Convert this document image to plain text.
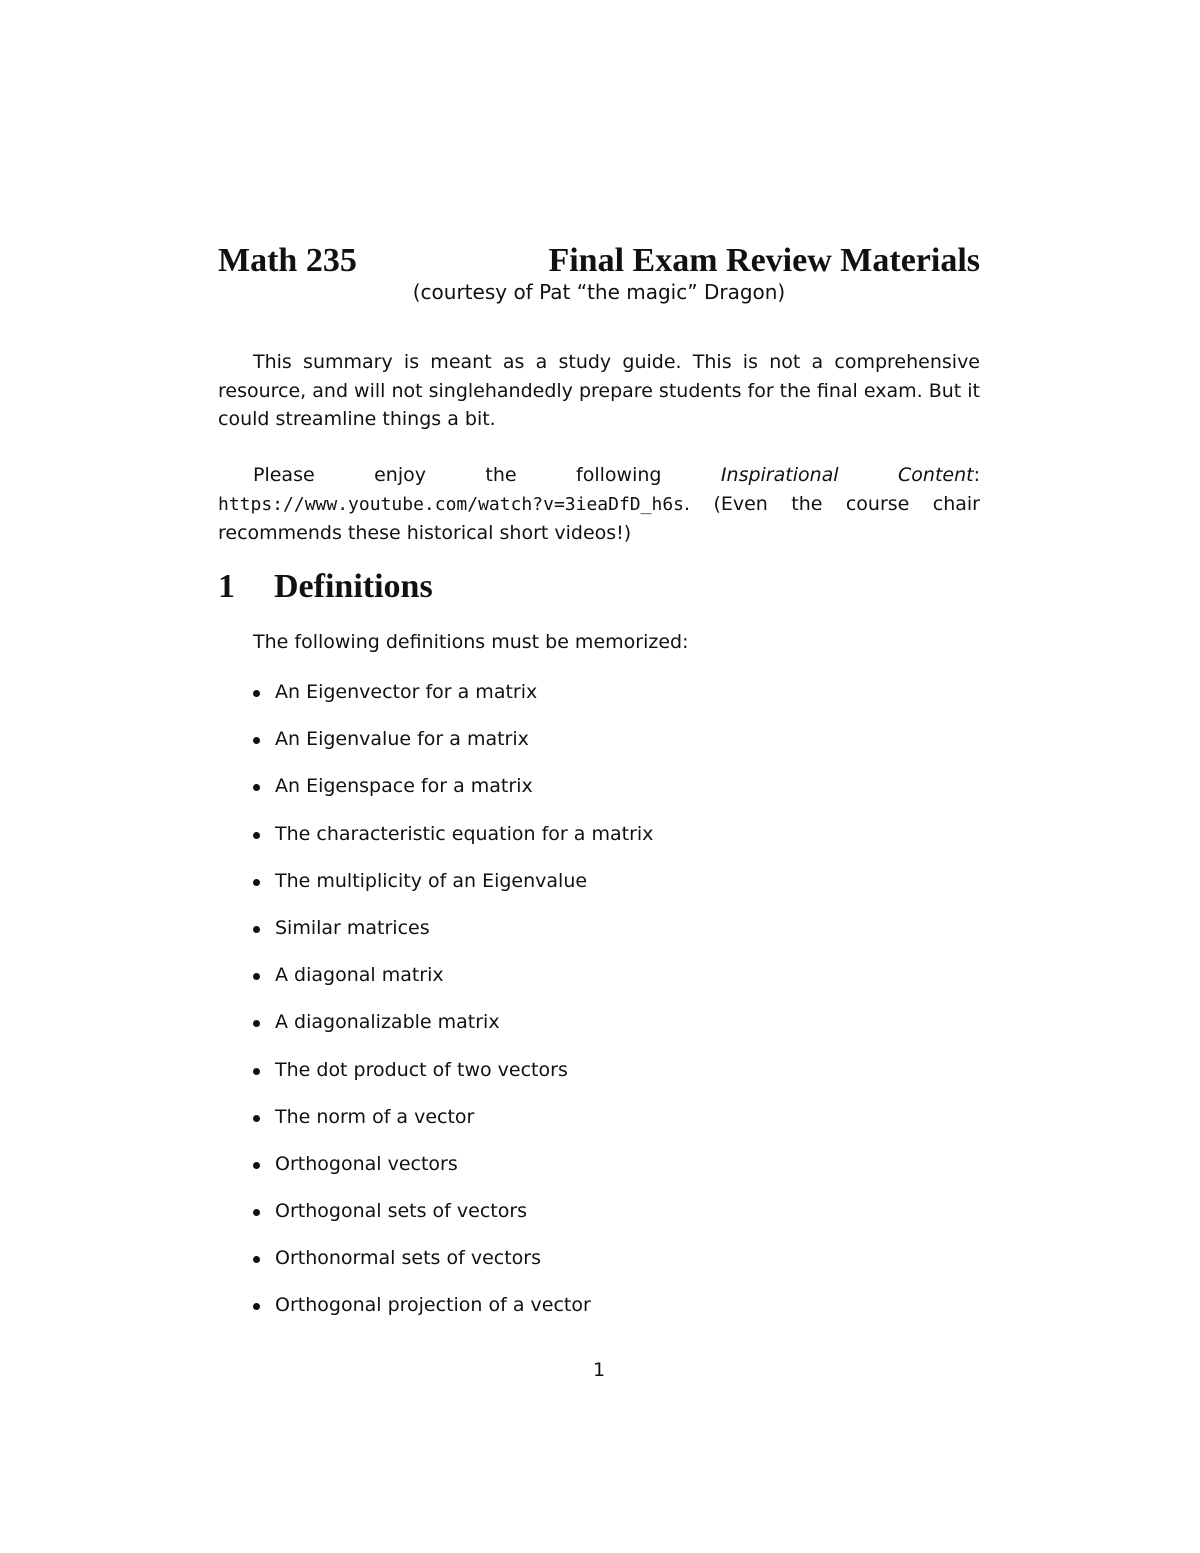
Math 235	Final Exam Review Materials
(courtesy of Pat “the magic” Dragon)

This summary is meant as a study guide. This is not a comprehensive resource, and will not singlehandedly prepare students for the final exam. But it could streamline things a bit.

Please enjoy the following Inspirational Content: https://www.youtube.com/watch?v=3ieaDfD_h6s. (Even the course chair recommends these historical short videos!)

1 Definitions
The following definitions must be memorized:
An Eigenvector for a matrix
An Eigenvalue for a matrix
An Eigenspace for a matrix
The characteristic equation for a matrix
The multiplicity of an Eigenvalue
Similar matrices
A diagonal matrix
A diagonalizable matrix
The dot product of two vectors
The norm of a vector
Orthogonal vectors
Orthogonal sets of vectors
Orthonormal sets of vectors
Orthogonal projection of a vector
1
